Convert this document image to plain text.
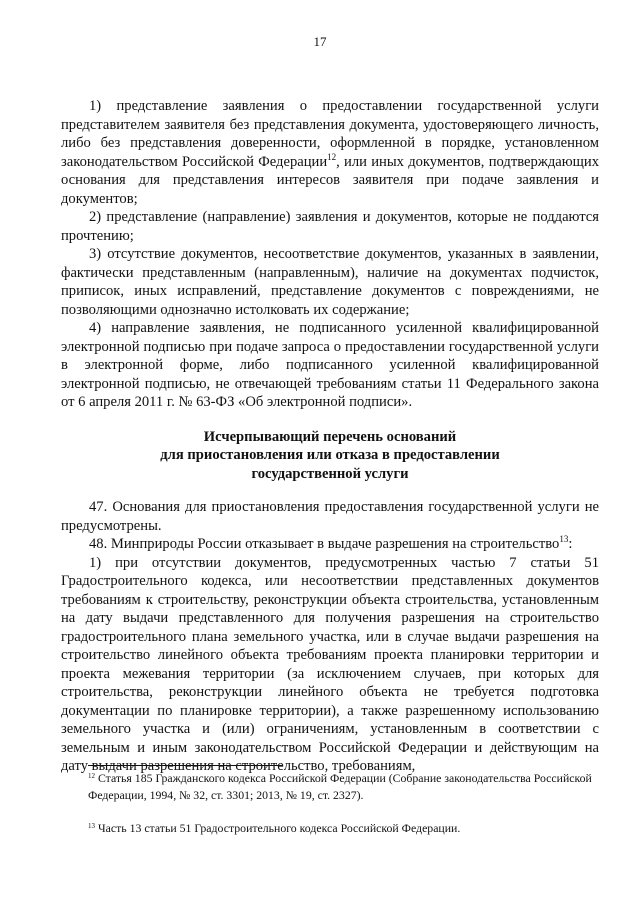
17

1) представление заявления о предоставлении государственной услуги представителем заявителя без представления документа, удостоверяющего личность, либо без представления доверенности, оформленной в порядке, установленном законодательством Российской Федерации$^{12}$, или иных документов, подтверждающих основания для представления интересов заявителя при подаче заявления и документов;

2) представление (направление) заявления и документов, которые не поддаются прочтению;

3) отсутствие документов, несоответствие документов, указанных в заявлении, фактически представленным (направленным), наличие на документах подчисток, приписок, иных исправлений, представление документов с повреждениями, не позволяющими однозначно истолковать их содержание;

4) направление заявления, не подписанного усиленной квалифицированной электронной подписью при подаче запроса о предоставлении государственной услуги в электронной форме, либо подписанного усиленной квалифицированной электронной подписью, не отвечающей требованиям статьи 11 Федерального закона от 6 апреля 2011 г. № 63-ФЗ «Об электронной подписи».

Исчерпывающий перечень оснований
для приостановления или отказа в предоставлении
государственной услуги

47. Основания для приостановления предоставления государственной услуги не предусмотрены.

48. Минприроды России отказывает в выдаче разрешения на строительство$^{13}$:

1) при отсутствии документов, предусмотренных частью 7 статьи 51 Градостроительного кодекса, или несоответствии представленных документов требованиям к строительству, реконструкции объекта строительства, установленным на дату выдачи представленного для получения разрешения на строительство градостроительного плана земельного участка, или в случае выдачи разрешения на строительство линейного объекта требованиям проекта планировки территории и проекта межевания территории (за исключением случаев, при которых для строительства, реконструкции линейного объекта не требуется подготовка документации по планировке территории), а также разрешенному использованию земельного участка и (или) ограничениям, установленным в соответствии с земельным и иным законодательством Российской Федерации и действующим на дату выдачи разрешения на строительство, требованиям,

$^{12}$ Статья 185 Гражданского кодекса Российской Федерации (Собрание законодательства Российской Федерации, 1994, № 32, ст. 3301; 2013, № 19, ст. 2327).

$^{13}$ Часть 13 статьи 51 Градостроительного кодекса Российской Федерации.
